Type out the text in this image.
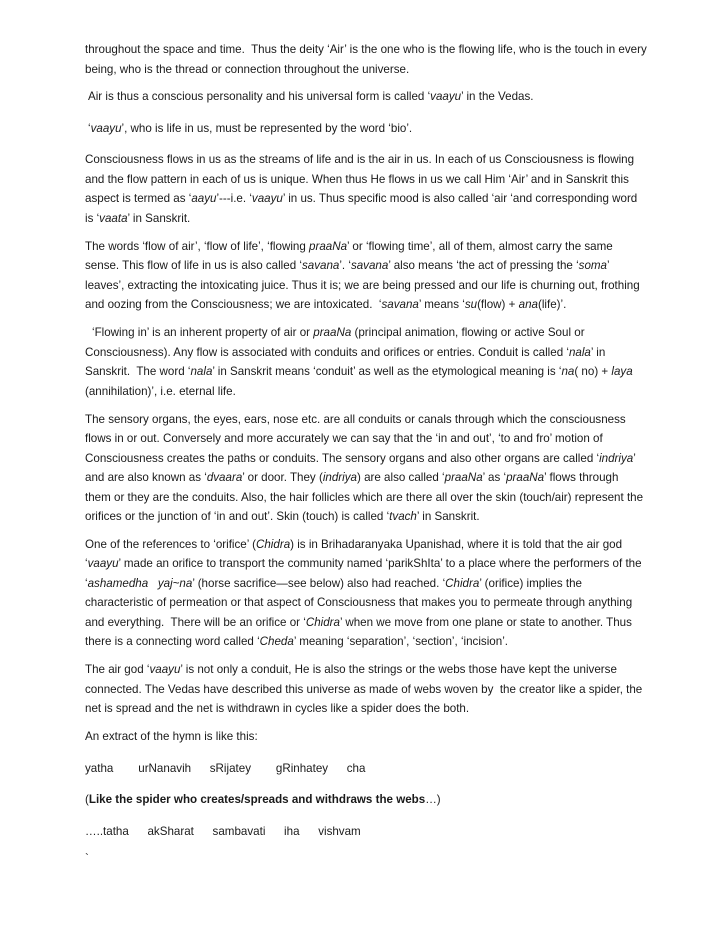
throughout the space and time.  Thus the deity ‘Air’ is the one who is the flowing life, who is the touch in every being, who is the thread or connection throughout the universe.

Air is thus a conscious personality and his universal form is called ‘vaayu’ in the Vedas.

‘vaayu’, who is life in us, must be represented by the word ‘bio’.

Consciousness flows in us as the streams of life and is the air in us. In each of us Consciousness is flowing and the flow pattern in each of us is unique. When thus He flows in us we call Him ‘Air’ and in Sanskrit this aspect is termed as ‘aayu’---i.e. ‘vaayu’ in us. Thus specific mood is also called ‘air ‘and corresponding word is ‘vaata’ in Sanskrit.

The words ‘flow of air’, ‘flow of life’, ‘flowing praaNa’ or ‘flowing time’, all of them, almost carry the same sense. This flow of life in us is also called ‘savana’. ‘savana’ also means ‘the act of pressing the ‘soma’ leaves’, extracting the intoxicating juice. Thus it is; we are being pressed and our life is churning out, frothing and oozing from the Consciousness; we are intoxicated.  ‘savana’ means ‘su(flow) + ana(life)’.

‘Flowing in’ is an inherent property of air or praaNa (principal animation, flowing or active Soul or Consciousness). Any flow is associated with conduits and orifices or entries. Conduit is called ‘nala’ in Sanskrit.  The word ‘nala’ in Sanskrit means ‘conduit’ as well as the etymological meaning is ‘na( no) + laya (annihilation)’, i.e. eternal life.

The sensory organs, the eyes, ears, nose etc. are all conduits or canals through which the consciousness flows in or out. Conversely and more accurately we can say that the ‘in and out’, ‘to and fro’ motion of Consciousness creates the paths or conduits. The sensory organs and also other organs are called ‘indriya’ and are also known as ‘dvaara’ or door. They (indriya) are also called ‘praaNa’ as ‘praaNa’ flows through them or they are the conduits. Also, the hair follicles which are there all over the skin (touch/air) represent the orifices or the junction of ‘in and out’. Skin (touch) is called ‘tvach’ in Sanskrit.

One of the references to ‘orifice’ (Chidra) is in Brihadaranyaka Upanishad, where it is told that the air god ‘vaayu’ made an orifice to transport the community named ‘parikShIta’ to a place where the performers of the ‘ashamedha   yaj~na’ (horse sacrifice—see below) also had reached. ‘Chidra’ (orifice) implies the characteristic of permeation or that aspect of Consciousness that makes you to permeate through anything and everything.  There will be an orifice or ‘Chidra’ when we move from one plane or state to another. Thus there is a connecting word called ‘Cheda’ meaning ‘separation’, ‘section’, ‘incision’.

The air god ‘vaayu’ is not only a conduit, He is also the strings or the webs those have kept the universe connected. The Vedas have described this universe as made of webs woven by  the creator like a spider, the net is spread and the net is withdrawn in cycles like a spider does the both.

An extract of the hymn is like this:

yatha    urNanavih   sRijatey    gRinhatey   cha

(Like the spider who creates/spreads and withdraws the webs…)

…..tatha   akSharat   sambavati   iha   vishvam

`
